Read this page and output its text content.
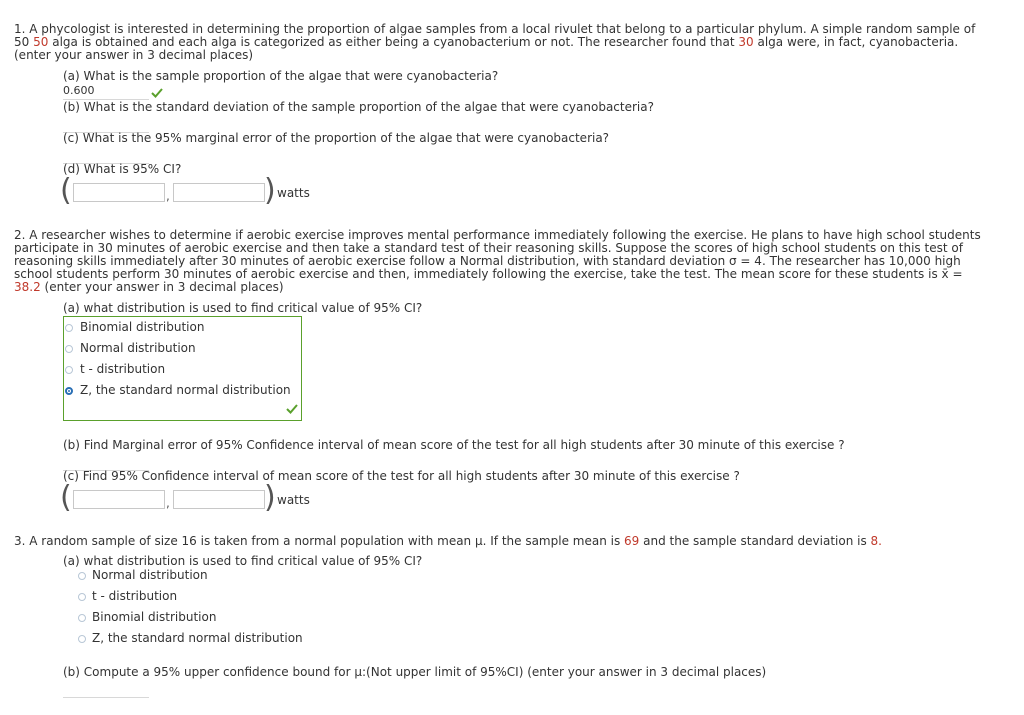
1. A phycologist is interested in determining the proportion of algae samples from a local rivulet that belong to a particular phylum. A simple random sample of
50 50 alga is obtained and each alga is categorized as either being a cyanobacterium or not. The researcher found that 30 alga were, in fact, cyanobacteria.
(enter your answer in 3 decimal places)
(a) What is the sample proportion of the algae that were cyanobacteria?
0.600
(b) What is the standard deviation of the sample proportion of the algae that were cyanobacteria?
(c) What is the 95% marginal error of the proportion of the algae that were cyanobacteria?
(d) What is 95% CI?
(	,	) watts
2. A researcher wishes to determine if aerobic exercise improves mental performance immediately following the exercise. He plans to have high school students
participate in 30 minutes of aerobic exercise and then take a standard test of their reasoning skills. Suppose the scores of high school students on this test of
reasoning skills immediately after 30 minutes of aerobic exercise follow a Normal distribution, with standard deviation σ = 4. The researcher has 10,000 high
school students perform 30 minutes of aerobic exercise and then, immediately following the exercise, take the test. The mean score for these students is x̄ =
38.2 (enter your answer in 3 decimal places)
(a) what distribution is used to find critical value of 95% CI?
Binomial distribution
Normal distribution
t - distribution
Z, the standard normal distribution
(b) Find Marginal error of 95% Confidence interval of mean score of the test for all high students after 30 minute of this exercise ?
(c) Find 95% Confidence interval of mean score of the test for all high students after 30 minute of this exercise ?
(	,	) watts
3. A random sample of size 16 is taken from a normal population with mean μ. If the sample mean is 69 and the sample standard deviation is 8.
(a) what distribution is used to find critical value of 95% CI?
Normal distribution
t - distribution
Binomial distribution
Z, the standard normal distribution
(b) Compute a 95% upper confidence bound for μ:(Not upper limit of 95%CI) (enter your answer in 3 decimal places)
